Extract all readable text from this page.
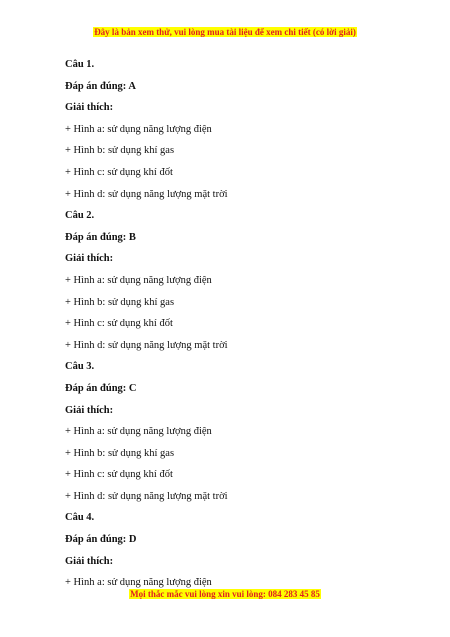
Đây là bản xem thử, vui lòng mua tài liệu để xem chi tiết (có lời giải)
Câu 1.
Đáp án đúng: A
Giải thích:
+ Hình a: sử dụng năng lượng điện
+ Hình b: sử dụng khí gas
+ Hình c: sử dụng khí đốt
+ Hình d: sử dụng năng lượng mặt trời
Câu 2.
Đáp án đúng: B
Giải thích:
+ Hình a: sử dụng năng lượng điện
+ Hình b: sử dụng khí gas
+ Hình c: sử dụng khí đốt
+ Hình d: sử dụng năng lượng mặt trời
Câu 3.
Đáp án đúng: C
Giải thích:
+ Hình a: sử dụng năng lượng điện
+ Hình b: sử dụng khí gas
+ Hình c: sử dụng khí đốt
+ Hình d: sử dụng năng lượng mặt trời
Câu 4.
Đáp án đúng: D
Giải thích:
+ Hình a: sử dụng năng lượng điện
Mọi thắc mắc vui lòng xin vui lòng: 084 283 45 85
